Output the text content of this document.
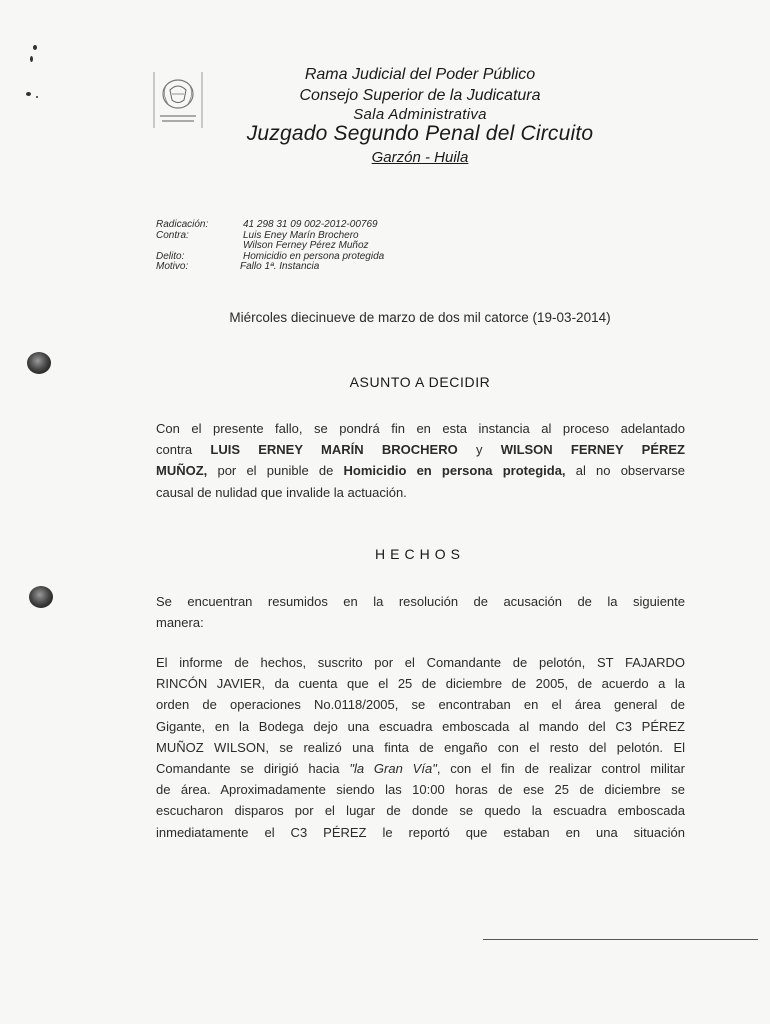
Rama Judicial del Poder Público
Consejo Superior de la Judicatura
Sala Administrativa
Juzgado Segundo Penal del Circuito
Garzón - Huila
Radicación:	41 298 31 09 002-2012-00769
Contra:	Luis Eney Marín Brochero
Wilson Ferney Pérez Muñoz
Delito:	Homicidio en persona protegida
Motivo:	Fallo 1ª. Instancia
Miércoles diecinueve de marzo de dos mil catorce (19-03-2014)
ASUNTO A DECIDIR
Con el presente fallo, se pondrá fin en esta instancia al proceso adelantado
contra LUIS ERNEY MARÍN BROCHERO y WILSON FERNEY PÉREZ
MUÑOZ, por el punible de Homicidio en persona protegida, al no observarse
causal de nulidad que invalide la actuación.
HECHOS
Se encuentran resumidos en la resolución de acusación de la siguiente
manera:
El informe de hechos, suscrito por el Comandante de pelotón, ST FAJARDO
RINCÓN JAVIER, da cuenta que el 25 de diciembre de 2005, de acuerdo a la
orden de operaciones No.0118/2005, se encontraban en el área general de
Gigante, en la Bodega dejo una escuadra emboscada al mando del C3 PÉREZ
MUÑOZ WILSON, se realizó una finta de engaño con el resto del pelotón. El
Comandante se dirigió hacia "la Gran Vía", con el fin de realizar control militar
de área. Aproximadamente siendo las 10:00 horas de ese 25 de diciembre se
escucharon disparos por el lugar de donde se quedo la escuadra emboscada
inmediatamente el C3 PÉREZ le reportó que estaban en una situación
